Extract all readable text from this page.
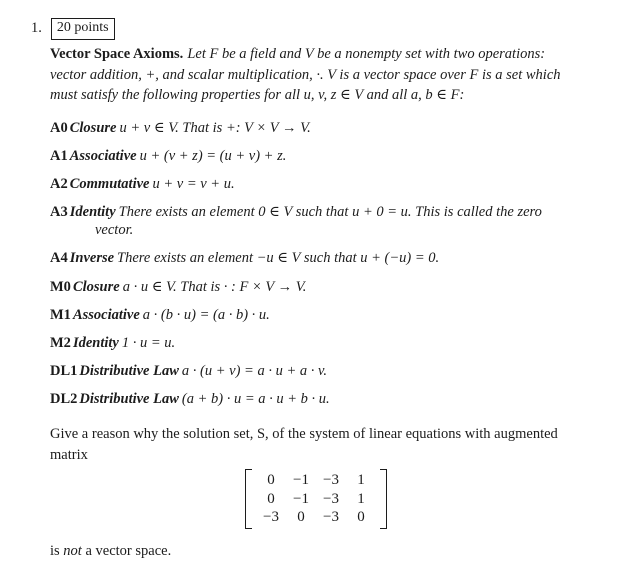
1.	20 points

Vector Space Axioms. Let F be a field and V be a nonempty set with two operations: vector addition, +, and scalar multiplication, ·. V is a vector space over F is a set which must satisfy the following properties for all u, v, z ∈ V and all a, b ∈ F:

A0 Closure u + v ∈ V. That is +: V × V → V.

A1 Associative u + (v + z) = (u + v) + z.

A2 Commutative u + v = v + u.

A3 Identity There exists an element 0 ∈ V such that u + 0 = u. This is called the zero vector.

A4 Inverse There exists an element −u ∈ V such that u + (−u) = 0.

M0 Closure a · u ∈ V. That is · : F × V → V.

M1 Associative a · (b · u) = (a · b) · u.

M2 Identity 1 · u = u.

DL1 Distributive Law a · (u + v) = a · u + a · v.

DL2 Distributive Law (a + b) · u = a · u + b · u.

Give a reason why the solution set, S, of the system of linear equations with augmented matrix

0	−1 −3	1
0	−1 −3	1
−3	0	−3	0

is not a vector space.
